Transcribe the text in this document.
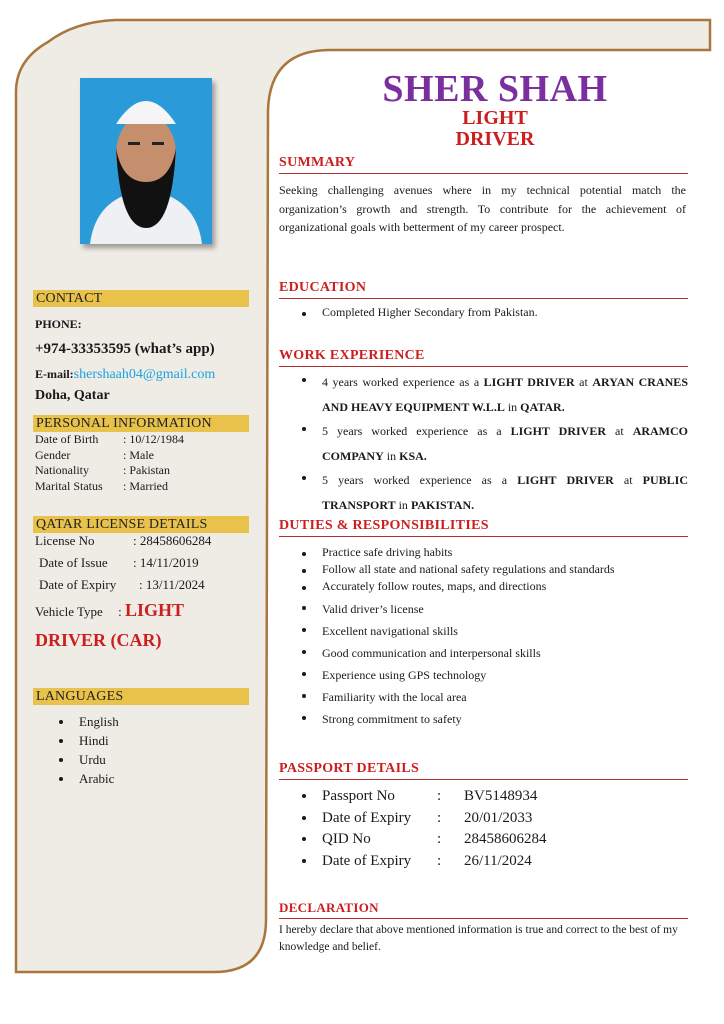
CONTACT
PHONE:
+974-33353595 (what’s app)
E-mail:shershaah04@gmail.com
Doha, Qatar
PERSONAL INFORMATION
Date of Birth	: 10/12/1984
Gender	: Male
Nationality	: Pakistan
Marital Status	: Married
QATAR LICENSE DETAILS
License No	: 28458606284
Date of Issue	: 14/11/2019
Date of Expiry	: 13/11/2024
Vehicle Type : LIGHT
DRIVER (CAR)
LANGUAGES
English
Hindi
Urdu
Arabic
SHER SHAH
LIGHT
DRIVER
SUMMARY
Seeking challenging avenues where in my technical potential match the organization’s growth and strength. To contribute for the achievement of organizational goals with betterment of my career prospect.
EDUCATION
Completed Higher Secondary from Pakistan.
WORK EXPERIENCE
4 years worked experience as a LIGHT DRIVER at ARYAN CRANES AND HEAVY EQUIPMENT W.L.L in QATAR.
5 years worked experience as a LIGHT DRIVER at ARAMCO COMPANY in KSA.
5 years worked experience as a LIGHT DRIVER at PUBLIC TRANSPORT in PAKISTAN.
DUTIES & RESPONSIBILITIES
Practice safe driving habits
Follow all state and national safety regulations and standards
Accurately follow routes, maps, and directions
Valid driver’s license
Excellent navigational skills
Good communication and interpersonal skills
Experience using GPS technology
Familiarity with the local area
Strong commitment to safety
PASSPORT DETAILS
Passport No	: BV5148934
Date of Expiry : 20/01/2033
QID No	: 28458606284
Date of Expiry : 26/11/2024
DECLARATION
I hereby declare that above mentioned information is true and correct to the best of my knowledge and belief.
